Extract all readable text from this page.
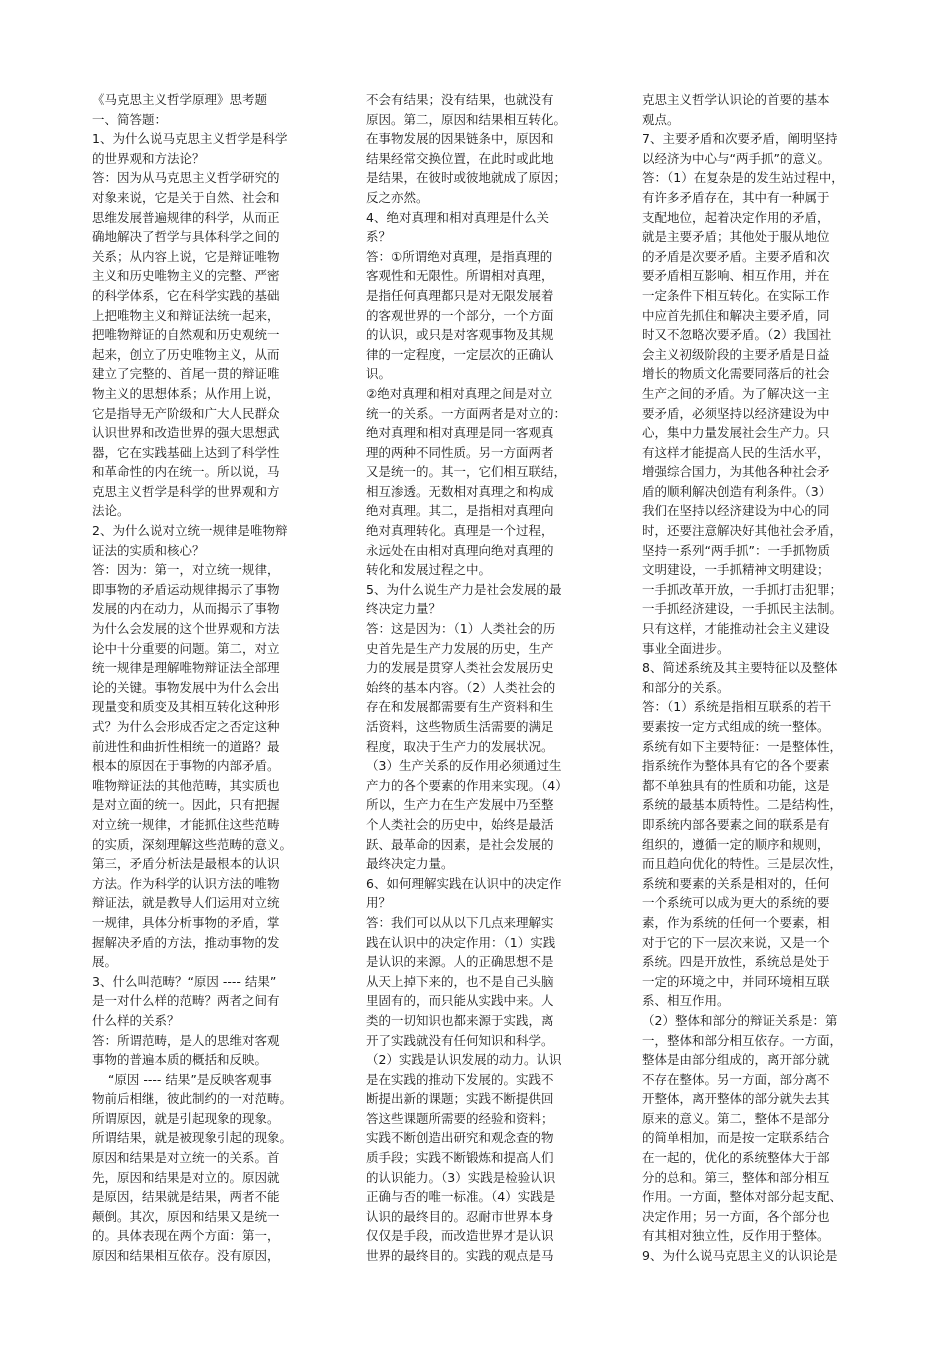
《马克思主义哲学原理》思考题
一、简答题：
1、为什么说马克思主义哲学是科学
的世界观和方法论？
答：因为从马克思主义哲学研究的
对象来说，它是关于自然、社会和
思维发展普遍规律的科学，从而正
确地解决了哲学与具体科学之间的
关系；从内容上说，它是辩证唯物
主义和历史唯物主义的完整、严密
的科学体系，它在科学实践的基础
上把唯物主义和辩证法统一起来，
把唯物辩证的自然观和历史观统一
起来，创立了历史唯物主义，从而
建立了完整的、首尾一贯的辩证唯
物主义的思想体系；从作用上说，
它是指导无产阶级和广大人民群众
认识世界和改造世界的强大思想武
器，它在实践基础上达到了科学性
和革命性的内在统一。所以说，马
克思主义哲学是科学的世界观和方
法论。
2、为什么说对立统一规律是唯物辩
证法的实质和核心？
答：因为：第一，对立统一规律，
即事物的矛盾运动规律揭示了事物
发展的内在动力，从而揭示了事物
为什么会发展的这个世界观和方法
论中十分重要的问题。第二，对立
统一规律是理解唯物辩证法全部理
论的关键。事物发展中为什么会出
现量变和质变及其相互转化这种形
式？为什么会形成否定之否定这种
前进性和曲折性相统一的道路？最
根本的原因在于事物的内部矛盾。
唯物辩证法的其他范畴，其实质也
是对立面的统一。因此，只有把握
对立统一规律，才能抓住这些范畴
的实质，深刻理解这些范畴的意义。
第三，矛盾分析法是最根本的认识
方法。作为科学的认识方法的唯物
辩证法，就是教导人们运用对立统
一规律，具体分析事物的矛盾，掌
握解决矛盾的方法，推动事物的发
展。
3、什么叫范畴？“原因 ---- 结果”
是一对什么样的范畴？两者之间有
什么样的关系？
答：所谓范畴，是人的思维对客观
事物的普遍本质的概括和反映。
“原因 ---- 结果”是反映客观事
物前后相继，彼此制约的一对范畴。
所谓原因，就是引起现象的现象。
所谓结果，就是被现象引起的现象。
原因和结果是对立统一的关系。首
先，原因和结果是对立的。原因就
是原因，结果就是结果，两者不能
颠倒。其次，原因和结果又是统一
的。具体表现在两个方面：第一，
原因和结果相互依存。没有原因，
不会有结果；没有结果，也就没有
原因。第二，原因和结果相互转化。
在事物发展的因果链条中，原因和
结果经常交换位置，在此时或此地
是结果，在彼时或彼地就成了原因；
反之亦然。
4、绝对真理和相对真理是什么关
系？
答：①所谓绝对真理，是指真理的
客观性和无限性。所谓相对真理，
是指任何真理都只是对无限发展着
的客观世界的一个部分，一个方面
的认识，或只是对客观事物及其规
律的一定程度，一定层次的正确认
识。
②绝对真理和相对真理之间是对立
统一的关系。一方面两者是对立的：
绝对真理和相对真理是同一客观真
理的两种不同性质。另一方面两者
又是统一的。其一，它们相互联结，
相互渗透。无数相对真理之和构成
绝对真理。其二，是指相对真理向
绝对真理转化。真理是一个过程，
永远处在由相对真理向绝对真理的
转化和发展过程之中。
5、为什么说生产力是社会发展的最
终决定力量？
答：这是因为：（1）人类社会的历
史首先是生产力发展的历史，生产
力的发展是贯穿人类社会发展历史
始终的基本内容。（2）人类社会的
存在和发展都需要有生产资料和生
活资料，这些物质生活需要的满足
程度，取决于生产力的发展状况。
（3）生产关系的反作用必须通过生
产力的各个要素的作用来实现。（4）
所以，生产力在生产发展中乃至整
个人类社会的历史中，始终是最活
跃、最革命的因素，是社会发展的
最终决定力量。
6、如何理解实践在认识中的决定作
用？
答：我们可以从以下几点来理解实
践在认识中的决定作用：（1）实践
是认识的来源。人的正确思想不是
从天上掉下来的，也不是自己头脑
里固有的，而只能从实践中来。人
类的一切知识也都来源于实践，离
开了实践就没有任何知识和科学。
（2）实践是认识发展的动力。认识
是在实践的推动下发展的。实践不
断提出新的课题；实践不断提供回
答这些课题所需要的经验和资料；
实践不断创造出研究和观念查的物
质手段；实践不断锻炼和提高人们
的认识能力。（3）实践是检验认识
正确与否的唯一标准。（4）实践是
认识的最终目的。忍耐市世界本身
仅仅是手段，而改造世界才是认识
世界的最终目的。实践的观点是马
克思主义哲学认识论的首要的基本
观点。
7、主要矛盾和次要矛盾，阐明坚持
以经济为中心与“两手抓”的意义。
答：（1）在复杂是的发生站过程中，
有许多矛盾存在，其中有一种属于
支配地位，起着决定作用的矛盾，
就是主要矛盾；其他处于服从地位
的矛盾是次要矛盾。主要矛盾和次
要矛盾相互影响、相互作用，并在
一定条件下相互转化。在实际工作
中应首先抓住和解决主要矛盾，同
时又不忽略次要矛盾。（2）我国社
会主义初级阶段的主要矛盾是日益
增长的物质文化需要同落后的社会
生产之间的矛盾。为了解决这一主
要矛盾，必须坚持以经济建设为中
心，集中力量发展社会生产力。只
有这样才能提高人民的生活水平，
增强综合国力，为其他各种社会矛
盾的顺利解决创造有利条件。（3）
我们在坚持以经济建设为中心的同
时，还要注意解决好其他社会矛盾，
坚持一系列“两手抓”：一手抓物质
文明建设，一手抓精神文明建设；
一手抓改革开放，一手抓打击犯罪；
一手抓经济建设，一手抓民主法制。
只有这样，才能推动社会主义建设
事业全面进步。
8、简述系统及其主要特征以及整体
和部分的关系。
答：（1）系统是指相互联系的若干
要素按一定方式组成的统一整体。
系统有如下主要特征：一是整体性，
指系统作为整体具有它的各个要素
都不单独具有的性质和功能，这是
系统的最基本质特性。二是结构性，
即系统内部各要素之间的联系是有
组织的，遵循一定的顺序和规则，
而且趋向优化的特性。三是层次性，
系统和要素的关系是相对的，任何
一个系统可以成为更大的系统的要
素，作为系统的任何一个要素，相
对于它的下一层次来说，又是一个
系统。四是开放性，系统总是处于
一定的环境之中，并同环境相互联
系、相互作用。
（2）整体和部分的辩证关系是：第
一，整体和部分相互依存。一方面，
整体是由部分组成的，离开部分就
不存在整体。另一方面，部分离不
开整体，离开整体的部分就失去其
原来的意义。第二，整体不是部分
的简单相加，而是按一定联系结合
在一起的，优化的系统整体大于部
分的总和。第三，整体和部分相互
作用。一方面，整体对部分起支配、
决定作用；另一方面，各个部分也
有其相对独立性，反作用于整体。
9、为什么说马克思主义的认识论是
